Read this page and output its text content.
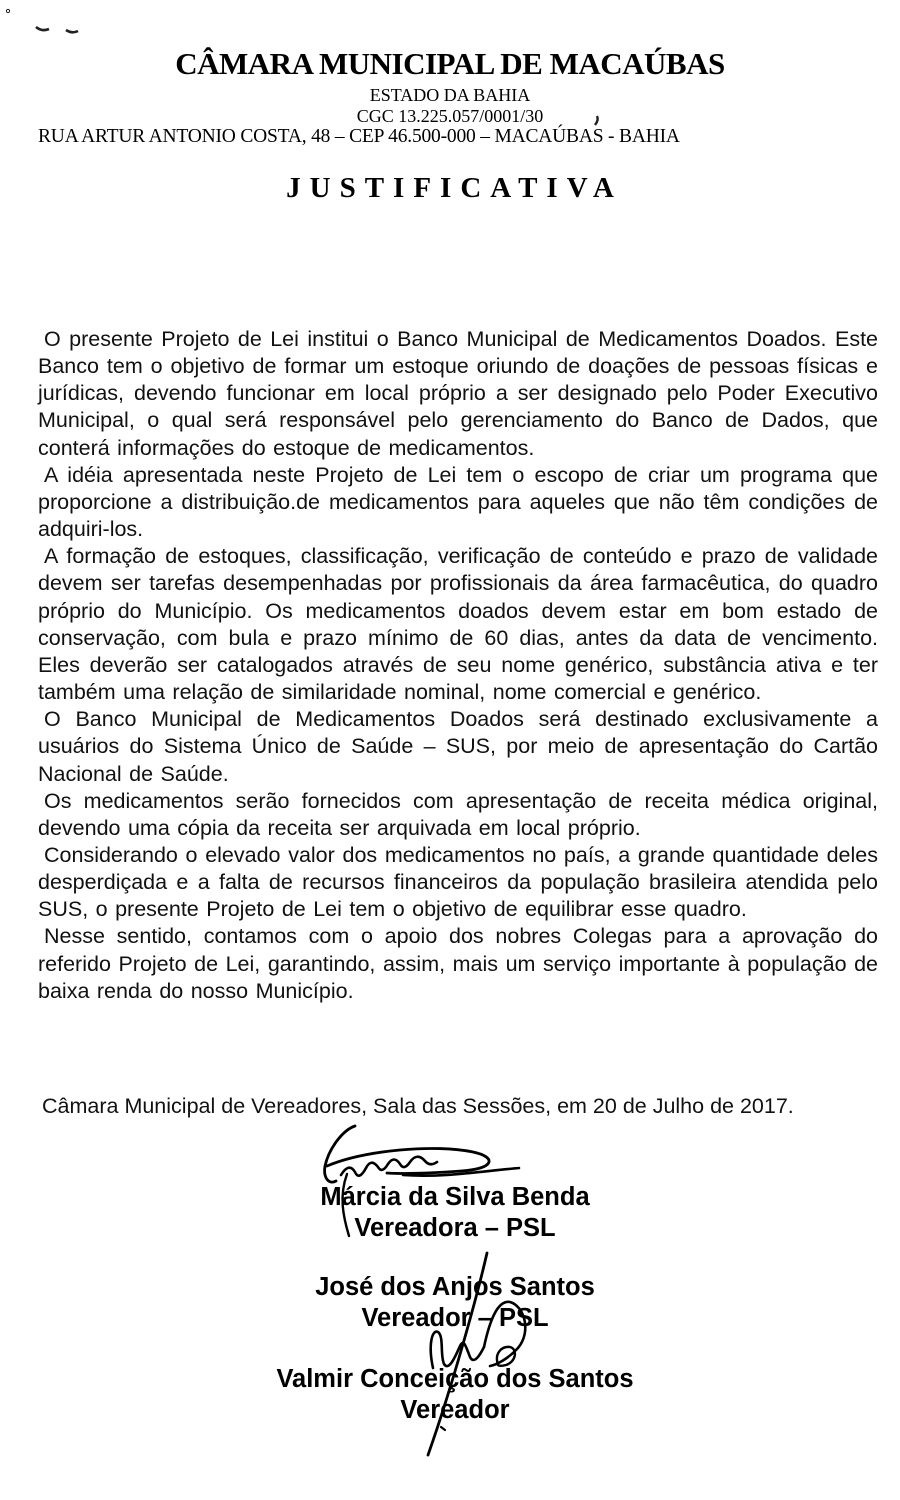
CÂMARA MUNICIPAL DE MACAÚBAS
ESTADO DA BAHIA
CGC 13.225.057/0001/30
RUA ARTUR ANTONIO COSTA, 48 – CEP 46.500-000 – MACAÚBAS - BAHIA
JUSTIFICATIVA

O presente Projeto de Lei institui o Banco Municipal de Medicamentos Doados. Este Banco tem o objetivo de formar um estoque oriundo de doações de pessoas físicas e jurídicas, devendo funcionar em local próprio a ser designado pelo Poder Executivo Municipal, o qual será responsável pelo gerenciamento do Banco de Dados, que conterá informações do estoque de medicamentos.

A idéia apresentada neste Projeto de Lei tem o escopo de criar um programa que proporcione a distribuição.de medicamentos para aqueles que não têm condições de adquiri-los.

A formação de estoques, classificação, verificação de conteúdo e prazo de validade devem ser tarefas desempenhadas por profissionais da área farmacêutica, do quadro próprio do Município. Os medicamentos doados devem estar em bom estado de conservação, com bula e prazo mínimo de 60 dias, antes da data de vencimento. Eles deverão ser catalogados através de seu nome genérico, substância ativa e ter também uma relação de similaridade nominal, nome comercial e genérico.

O Banco Municipal de Medicamentos Doados será destinado exclusivamente a usuários do Sistema Único de Saúde – SUS, por meio de apresentação do Cartão Nacional de Saúde.

Os medicamentos serão fornecidos com apresentação de receita médica original, devendo uma cópia da receita ser arquivada em local próprio.

Considerando o elevado valor dos medicamentos no país, a grande quantidade deles desperdiçada e a falta de recursos financeiros da população brasileira atendida pelo SUS, o presente Projeto de Lei tem o objetivo de equilibrar esse quadro.

Nesse sentido, contamos com o apoio dos nobres Colegas para a aprovação do referido Projeto de Lei, garantindo, assim, mais um serviço importante à população de baixa renda do nosso Município.

Câmara Municipal de Vereadores, Sala das Sessões, em 20 de Julho de 2017.
Márcia da Silva Benda
Vereadora – PSL
José dos Anjos Santos
Vereador – PSL
Valmir Conceição dos Santos
Vereador
